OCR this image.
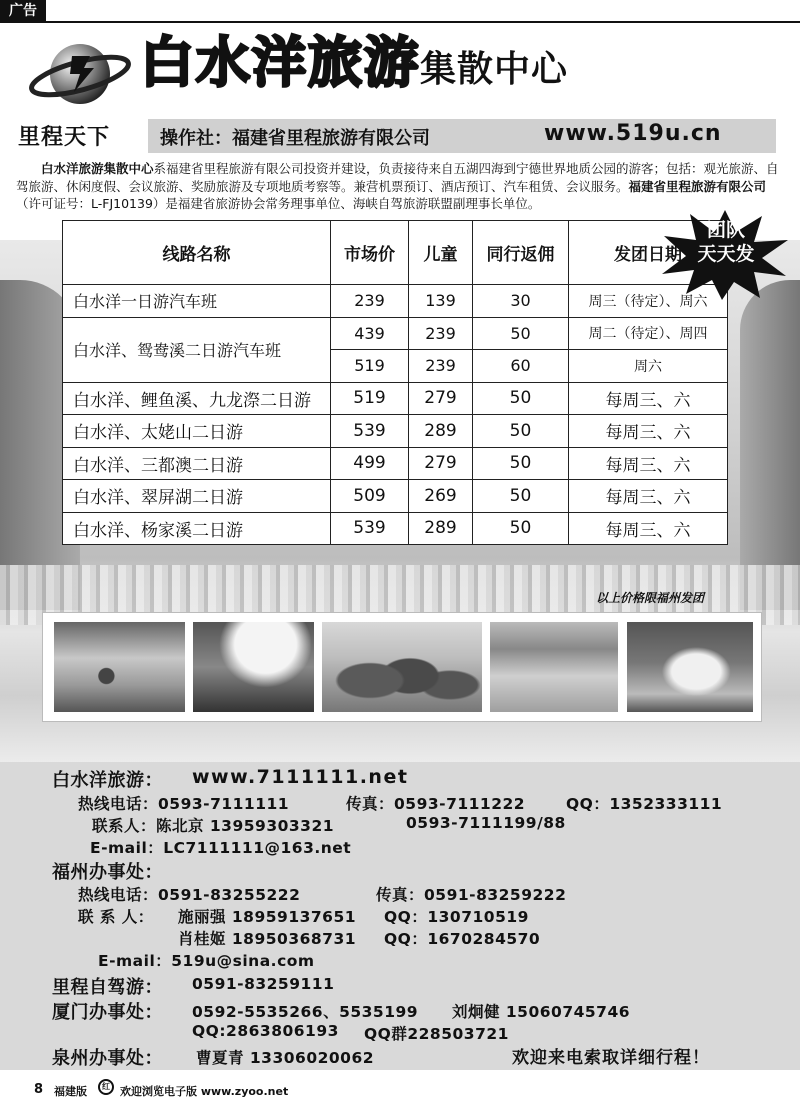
广告
白水洋旅游集散中心
里程天下	操作社：福建省里程旅游有限公司	www.519u.cn
白水洋旅游集散中心系福建省里程旅游有限公司投资并建设，负责接待来自五湖四海到宁德世界地质公园的游客；包括：观光旅游、自驾旅游、休闲度假、会议旅游、奖励旅游及专项地质考察等。兼营机票预订、酒店预订、汽车租赁、会议服务。福建省里程旅游有限公司（许可证号：L-FJ10139）是福建省旅游协会常务理事单位、海峡自驾旅游联盟副理事长单位。
线路名称	市场价	儿童	同行返佣	发团日期
白水洋一日游汽车班	239	139	30	周三（待定）、周六
白水洋、鸳鸯溪二日游汽车班	439	239	50	周二（待定）、周四
	519	239	60	周六
白水洋、鲤鱼溪、九龙漈二日游	519	279	50	每周三、六
白水洋、太姥山二日游	539	289	50	每周三、六
白水洋、三都澳二日游	499	279	50	每周三、六
白水洋、翠屏湖二日游	509	269	50	每周三、六
白水洋、杨家溪二日游	539	289	50	每周三、六
团队
天天发
以上价格限福州发团
白水洋旅游： www.7111111.net
热线电话：0593-7111111	传真：0593-7111222	QQ：1352333111
联系人：陈北京 13959303321	0593-7111199/88
E-mail：LC7111111@163.net
福州办事处：
热线电话：0591-83255222	传真：0591-83259222
联 系 人： 施丽强 18959137651 QQ：130710519
肖桂姬 18950368731 QQ：1670284570
E-mail：519u@sina.com
里程自驾游： 0591-83259111
厦门办事处： 0592-5535266、5535199 刘炯健 15060745746
QQ:2863806193 QQ群228503721
泉州办事处： 曹夏青 13306020062	欢迎来电索取详细行程！
8 福建版	红 欢迎浏览电子版 www.zyoo.net
